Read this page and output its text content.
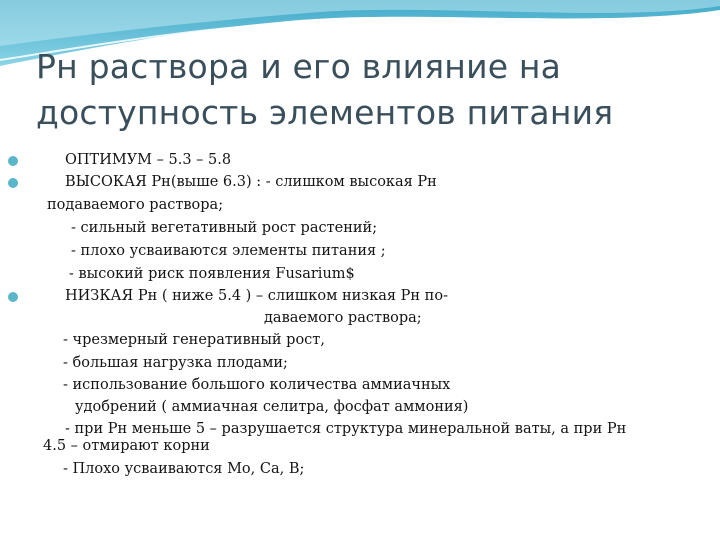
Рн раствора и его влияние на
доступность элементов питания
ОПТИМУМ – 5.3 – 5.8
ВЫСОКАЯ Рн(выше 6.3) : - слишком высокая Рн
подаваемого раствора;
- сильный вегетативный рост растений;
- плохо усваиваются элементы питания ;
- высокий риск появления Fusarium$
НИЗКАЯ Рн ( ниже 5.4 ) – слишком низкая Рн по-
даваемого раствора;
- чрезмерный генеративный рост,
- большая нагрузка плодами;
- использование большого количества аммиачных
удобрений ( аммиачная селитра, фосфат аммония)
- при Рн меньше 5 – разрушается структура минеральной ваты, а при Рн
4.5 – отмирают корни
- Плохо усваиваются Mo, Ca, B;
